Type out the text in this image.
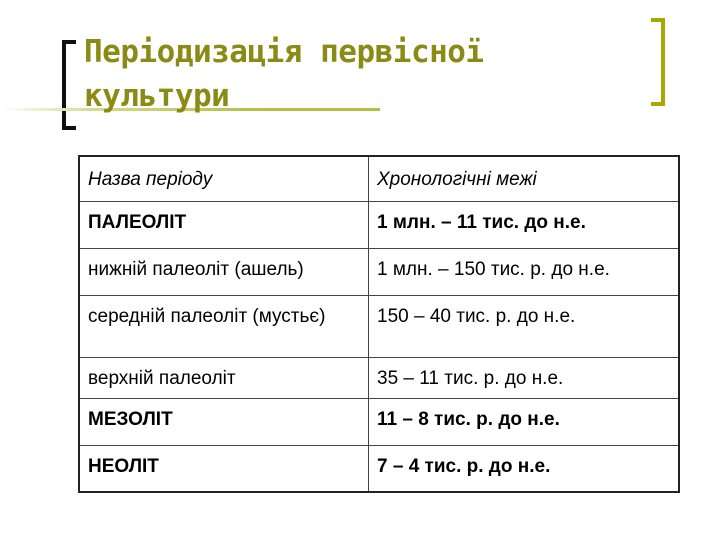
Періодизація первісної
культури
Назва періоду	Хронологічні межі
ПАЛЕОЛІТ	1 млн. – 11 тис. до н.е.
нижній палеоліт (ашель)	1 млн. – 150 тис. р. до н.е.
середній палеоліт (мустьє)	150 – 40 тис. р. до н.е.
верхній палеоліт	35 – 11 тис. р. до н.е.
МЕЗОЛІТ	11 – 8 тис. р. до н.е.
НЕОЛІТ	7 – 4 тис. р. до н.е.
